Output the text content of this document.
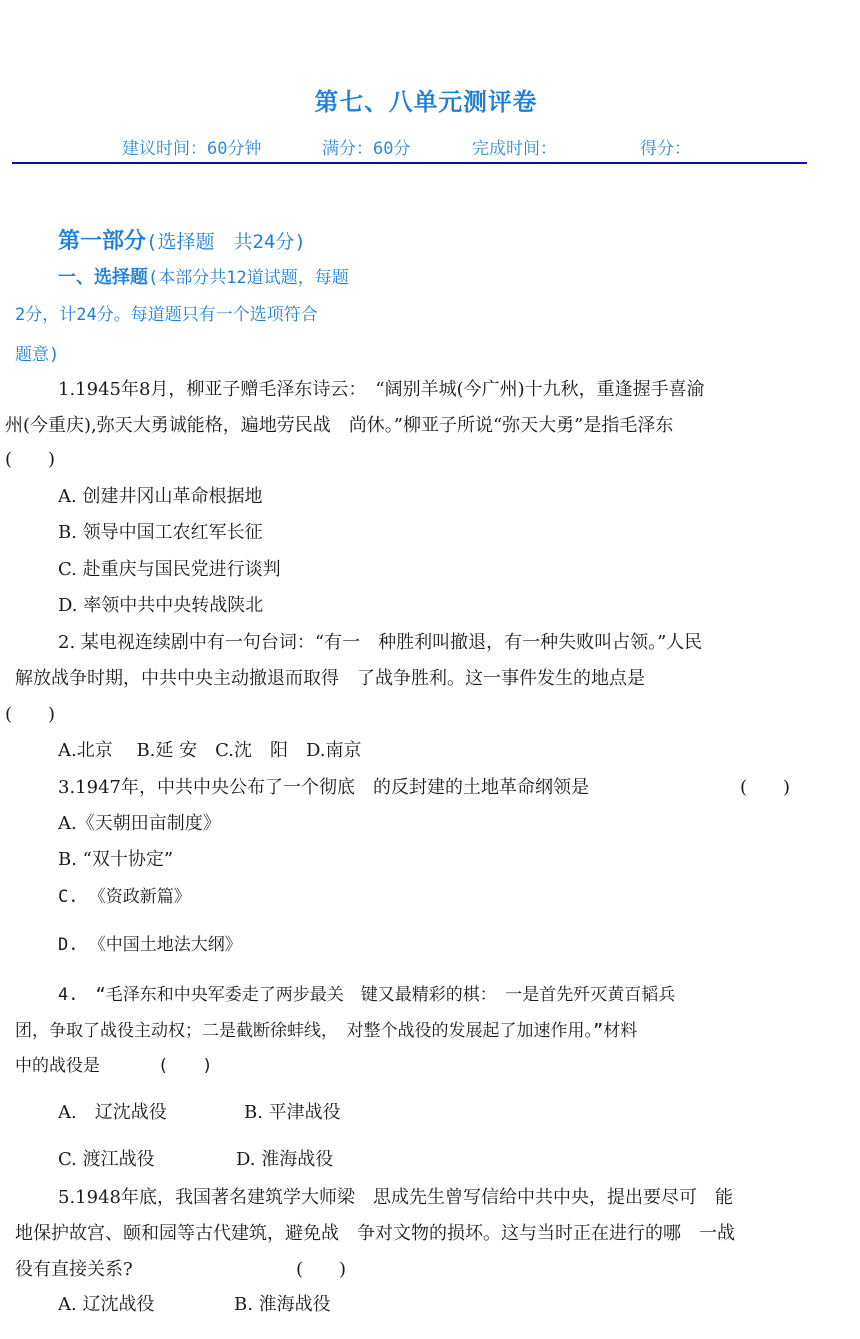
第七、八单元测评卷
建议时间：60分钟	满分：60分	完成时间：	得分：
第一部分(选择题　共24分)
一、选择题(本部分共12道试题，每题
2分，计24分。每道题只有一个选项符合
题意)
1.1945年8月，柳亚子赠毛泽东诗云：　“阔别羊城(今广州)十九秋，重逢握手喜渝
州(今重庆),弥天大勇诚能格，遍地劳民战　尚休。”柳亚子所说“弥天大勇”是指毛泽东
(　　)
A. 创建井冈山革命根据地
B. 领导中国工农红军长征
C. 赴重庆与国民党进行谈判
D. 率领中共中央转战陕北
2. 某电视连续剧中有一句台词：“有一　种胜利叫撤退，有一种失败叫占领。”人民
解放战争时期，中共中央主动撤退而取得　了战争胜利。这一事件发生的地点是
(　　)
A.北京　 B.延 安　C.沈　阳　D.南京
3.1947年，中共中央公布了一个彻底　的反封建的土地革命纲领是	(　　)
A.《天朝田亩制度》
B. “双十协定”
C. 《资政新篇》
D. 《中国土地法大纲》
4.　“毛泽东和中央军委走了两步最关　键又最精彩的棋：　一是首先歼灭黄百韬兵
团，争取了战役主动权；二是截断徐蚌线，　对整个战役的发展起了加速作用。”材料
中的战役是	(　　)
A.　辽沈战役	B. 平津战役
C. 渡江战役	D. 淮海战役
5.1948年底，我国著名建筑学大师梁　思成先生曾写信给中共中央，提出要尽可　能
地保护故宫、颐和园等古代建筑，避免战　争对文物的损坏。这与当时正在进行的哪　一战
役有直接关系?	(　　)
A. 辽沈战役	B. 淮海战役
